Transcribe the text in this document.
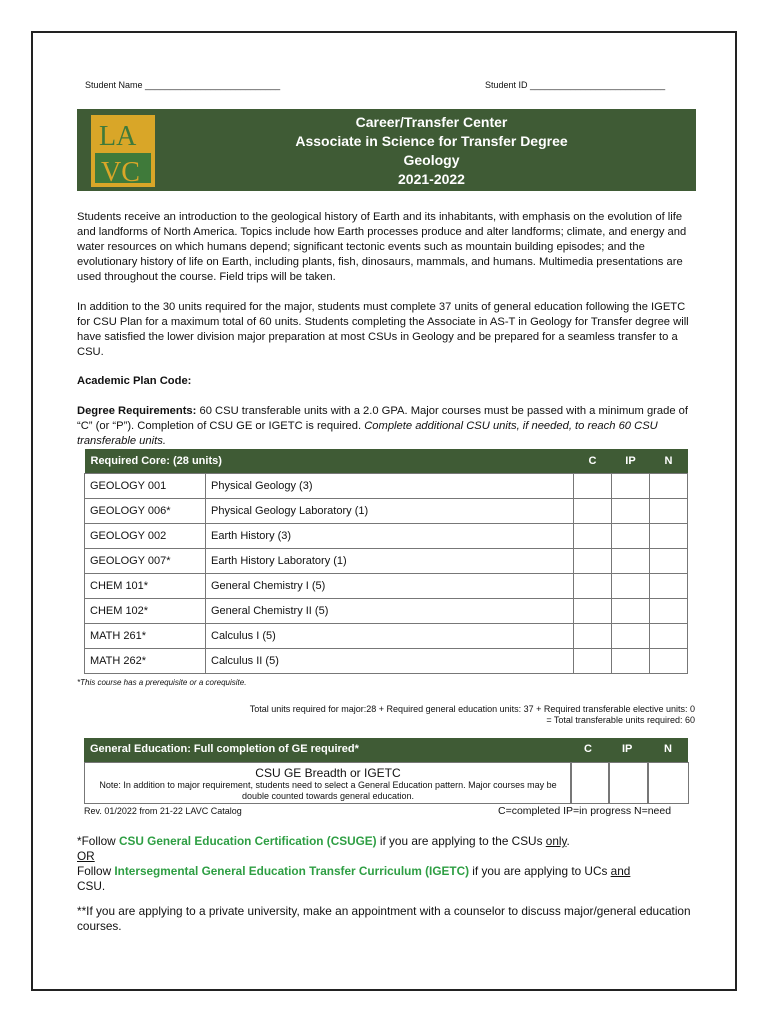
Student Name ___________________________	Student ID ___________________________
LA
VC
Career/Transfer Center
Associate in Science for Transfer Degree
Geology
2021-2022
Students receive an introduction to the geological history of Earth and its inhabitants, with emphasis on the evolution of life and landforms of North America. Topics include how Earth processes produce and alter landforms; climate, and energy and water resources on which humans depend; significant tectonic events such as mountain building episodes; and the evolutionary history of life on Earth, including plants, fish, dinosaurs, mammals, and humans. Multimedia presentations are used throughout the course. Field trips will be taken.
In addition to the 30 units required for the major, students must complete 37 units of general education following the IGETC for CSU Plan for a maximum total of 60 units. Students completing the Associate in AS-T in Geology for Transfer degree will have satisfied the lower division major preparation at most CSUs in Geology and be prepared for a seamless transfer to a CSU.
Academic Plan Code:
Degree Requirements: 60 CSU transferable units with a 2.0 GPA. Major courses must be passed with a minimum grade of “C” (or “P”). Completion of CSU GE or IGETC is required. Complete additional CSU units, if needed, to reach 60 CSU transferable units.
Required Core: (28 units)		C	IP	N
GEOLOGY 001	Physical Geology (3)			
GEOLOGY 006*	Physical Geology Laboratory (1)			
GEOLOGY 002	Earth History (3)			
GEOLOGY 007*	Earth History Laboratory (1)			
CHEM 101*	General Chemistry I (5)			
CHEM 102*	General Chemistry II (5)			
MATH 261*	Calculus I (5)			
MATH 262*	Calculus II (5)			
*This course has a prerequisite or a corequisite.
Total units required for major:28 + Required general education units: 37 + Required transferable elective units: 0
= Total transferable units required: 60
General Education: Full completion of GE required*	C	IP	N
CSU GE Breadth or IGETC
Note: In addition to major requirement, students need to select a General Education pattern. Major courses may be double counted towards general education.
Rev. 01/2022 from 21-22 LAVC Catalog	C=completed IP=in progress N=need
*Follow CSU General Education Certification (CSUGE) if you are applying to the CSUs only.
OR
Follow Intersegmental General Education Transfer Curriculum (IGETC) if you are applying to UCs and
CSU.
**If you are applying to a private university, make an appointment with a counselor to discuss major/general education courses.
